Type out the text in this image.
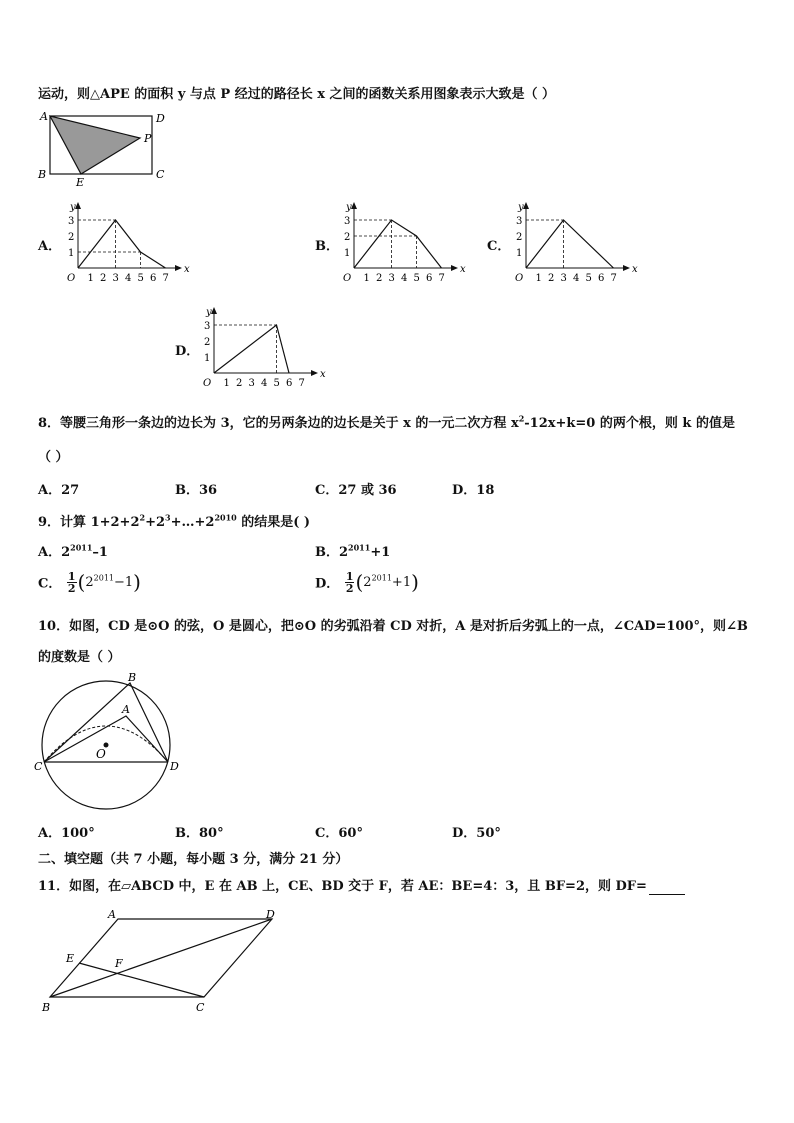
运动，则△APE 的面积 y 与点 P 经过的路径长 x 之间的函数关系用图象表示大致是（ ）
A	D
P
B
E
C
A．
x
y
O 1 2 3 4 5 6 7
1
2
3
B．
x
y
O 1 2 3 4 5 6 7
1
2
3
C．
x
y
O 1 2 3 4 5 6 7
1
2
3
D．
x
y
O 1 2 3 4 5 6 7
1
2
3
8．等腰三角形一条边的边长为 3，它的另两条边的边长是关于 x 的一元二次方程 $x^2-12x+k=0$ 的两个根，则 k 的值是
（ ）
A．27	B．36	C．27 或 36	D．18
9．计算 $1+2+2^2+2^3+\dots+2^{2010}$ 的结果是( )
A．$2^{2011}-1$	B．$2^{2011}+1$
C． $\frac{1}{2} (2^{2011}-1)$	D． $\frac{1}{2} (2^{2011}+1)$
10．如图，CD 是⊙O 的弦，O 是圆心，把⊙O 的劣弧沿着 CD 对折，A 是对折后劣弧上的一点，∠CAD=100°，则∠B
的度数是（ ）
B
A
O
C	D
A．100°	B．80°	C．60°	D．50°
二、填空题（共 7 小题，每小题 3 分，满分 21 分）
11．如图，在▱ABCD 中，E 在 AB 上，CE、BD 交于 F，若 AE：BE=4：3，且 BF=2，则 DF=
A	D
E	F
B	C
